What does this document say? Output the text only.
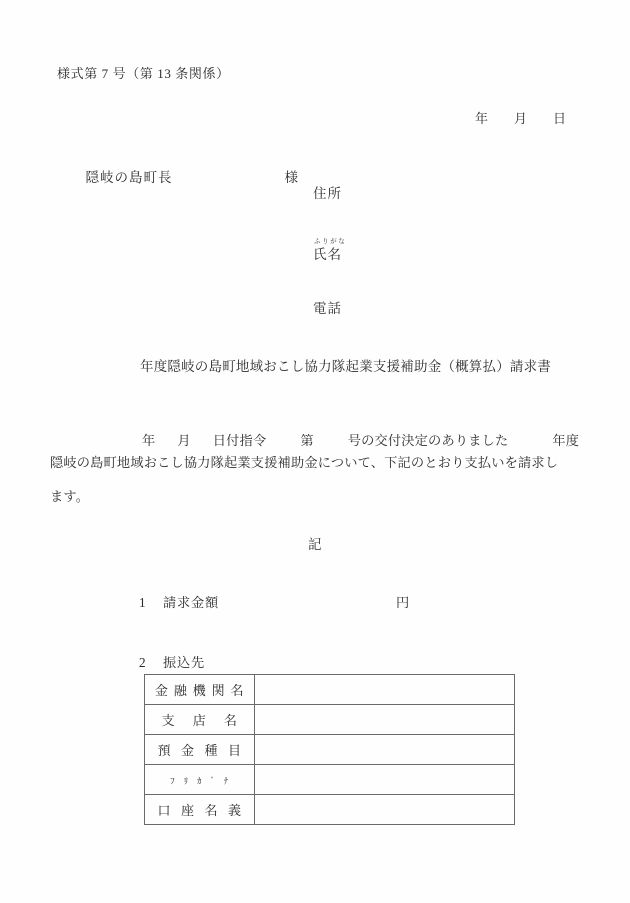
様式第 7 号（第 13 条関係）

年 月 日

隠岐の島町長	様

住所
ふりがな
氏名
電話
年度隠岐の島町地域おこし協力隊起業支援補助金（概算払）請求書

年 月 日付指令	第	号の交付決定のありました	年度

隠岐の島町地域おこし協力隊起業支援補助金について、下記のとおり支払いを請求し
ます。
記
1 請求金額	円
2 振込先
金 融 機 関 名	
支 店 名	
預 金 種 目	
ﾌ ﾘ ｶ ﾞ ﾅ	
口 座 名 義	
